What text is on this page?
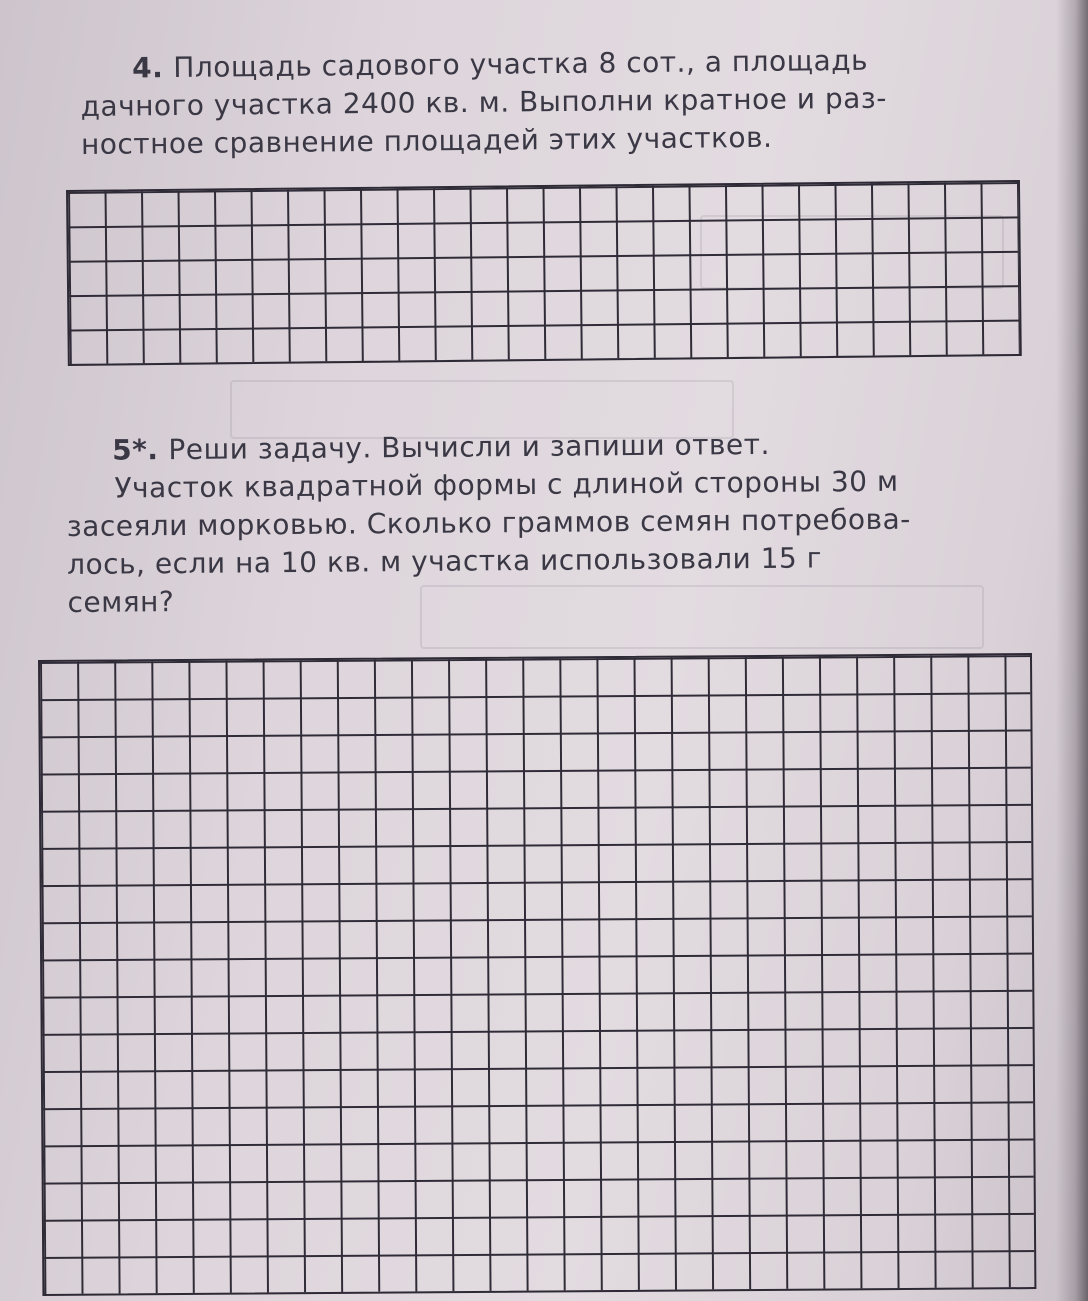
4. Площадь садового участка 8 сот., а площадь
дачного участка 2400 кв. м. Выполни кратное и раз-
ностное сравнение площадей этих участков.
5*. Реши задачу. Вычисли и запиши ответ.
Участок квадратной формы с длиной стороны 30 м
засеяли морковью. Сколько граммов семян потребова-
лось, если на 10 кв. м участка использовали 15 г
семян?
